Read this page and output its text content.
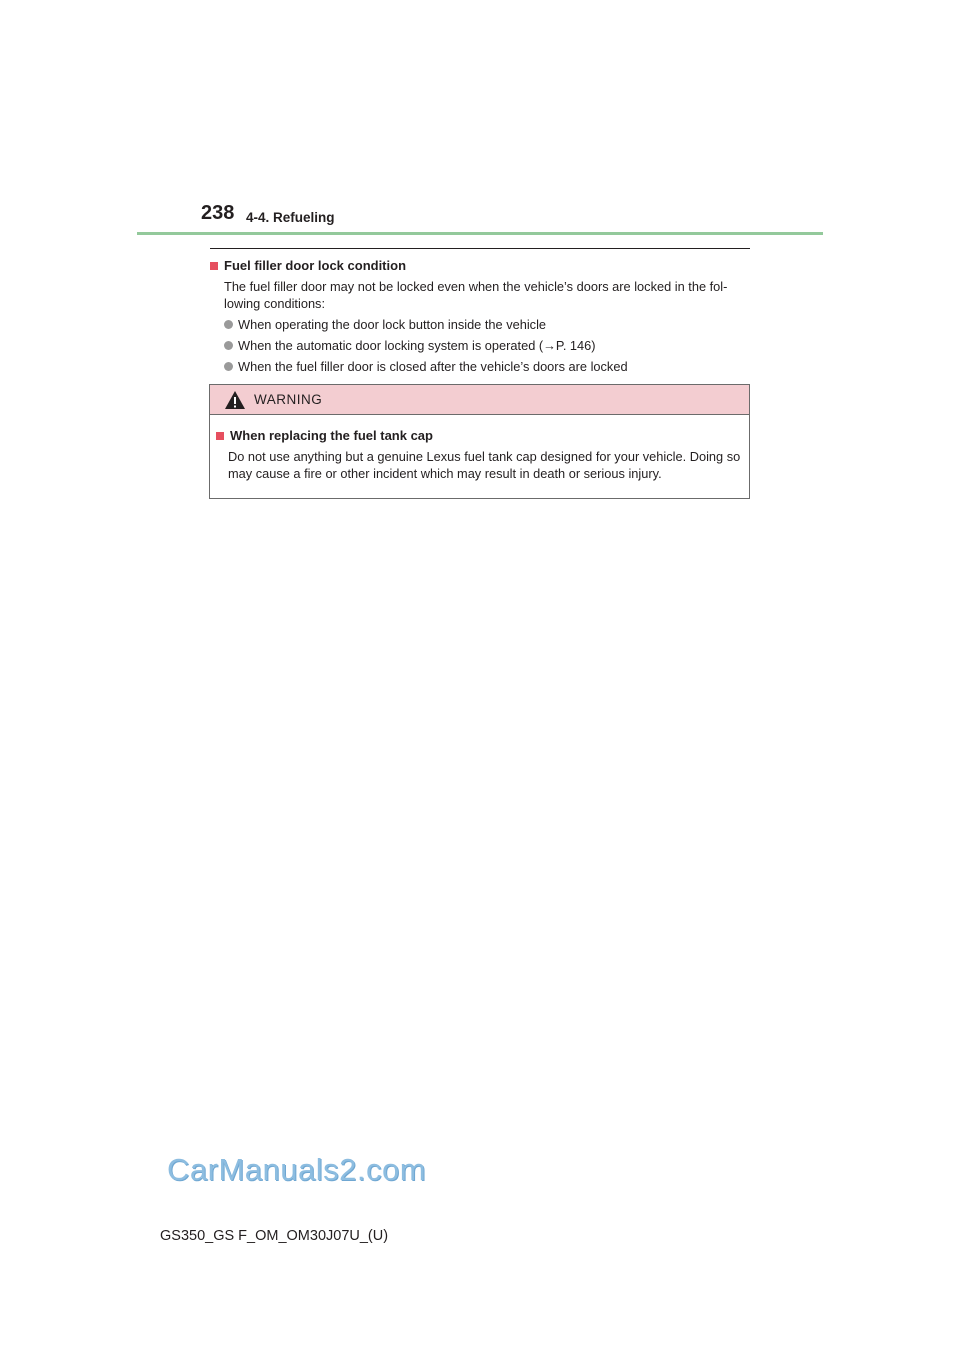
238 4-4. Refueling
Fuel filler door lock condition
The fuel filler door may not be locked even when the vehicle’s doors are locked in the fol- lowing conditions:
When operating the door lock button inside the vehicle
When the automatic door locking system is operated (→P. 146)
When the fuel filler door is closed after the vehicle’s doors are locked
WARNING
When replacing the fuel tank cap
Do not use anything but a genuine Lexus fuel tank cap designed for your vehicle. Doing so may cause a fire or other incident which may result in death or serious injury.
CarManuals2.com
GS350_GS F_OM_OM30J07U_(U)
